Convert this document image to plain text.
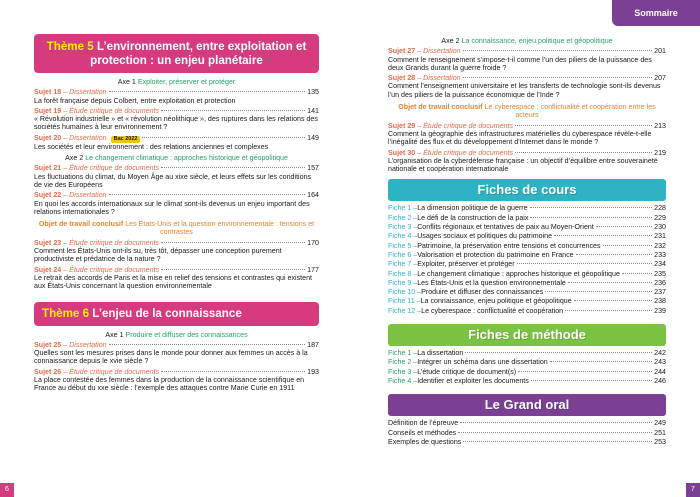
Sommaire
Thème 5 L’environnement, entre exploitation et protection : un enjeu planétaire
Axe 1 Exploiter, préserver et protéger
Sujet 18 – Dissertation	135
La forêt française depuis Colbert, entre exploitation et protection
Sujet 19 – Étude critique de documents	141
« Révolution industrielle » et « révolution néolithique », des ruptures dans les relations des sociétés humaines à leur environnement ?
Sujet 20 – Dissertation	Bac 2022	149
Les sociétés et leur environnement : des relations anciennes et complexes
Axe 2 Le changement climatique : approches historique et géopolitique
Sujet 21 – Étude critique de documents	157
Les fluctuations du climat, du Moyen Âge au xixe siècle, et leurs effets sur les conditions de vie des Européens
Sujet 22 – Dissertation	164
En quoi les accords internationaux sur le climat sont-ils devenus un enjeu important des relations internationales ?
Objet de travail conclusif Les États-Unis et la question environnementale : tensions et contrastes
Sujet 23 – Étude critique de documents	170
Comment les États-Unis ont-ils su, très tôt, dépasser une conception purement productiviste et prédatrice de la nature ?
Sujet 24 – Étude critique de documents	177
Le retrait des accords de Paris et la mise en relief des tensions et contrastes qui existent aux États-Unis concernant la question environnementale
Thème 6 L’enjeu de la connaissance
Axe 1 Produire et diffuser des connaissances
Sujet 25 – Dissertation	187
Quelles sont les mesures prises dans le monde pour donner aux femmes un accès à la connaissance depuis le xvie siècle ?
Sujet 26 – Étude critique de documents	193
La place contestée des femmes dans la production de la connaissance scientifique en France au début du xxe siècle : l’exemple des attaques contre Marie Curie en 1911
Axe 2 La connaissance, enjeu politique et géopolitique
Sujet 27 – Dissertation	201
Comment le renseignement s’impose-t-il comme l’un des piliers de la puissance des deux Grands durant la guerre froide ?
Sujet 28 – Dissertation	207
Comment l’enseignement universitaire et les transferts de technologie sont-ils devenus l’un des piliers de la puissance économique de l’Inde ?
Objet de travail conclusif Le cyberespace : conflictualité et coopération entre les acteurs
Sujet 29 – Étude critique de documents	213
Comment la géographie des infrastructures matérielles du cyberespace révèle-t-elle l’inégalité des flux et du développement d’Internet dans le monde ?
Sujet 30 – Étude critique de documents	219
L’organisation de la cyberdéfense française : un objectif d’équilibre entre souveraineté nationale et coopération internationale
Fiches de cours
Fiche 1 – La dimension politique de la guerre	228
Fiche 2 – Le défi de la construction de la paix	229
Fiche 3 – Conflits régionaux et tentatives de paix au Moyen-Orient	230
Fiche 4 – Usages sociaux et politiques du patrimoine	231
Fiche 5 – Patrimoine, la préservation entre tensions et concurrences	232
Fiche 6 – Valorisation et protection du patrimoine en France	233
Fiche 7 – Exploiter, préserver et protéger	234
Fiche 8 – Le changement climatique : approches historique et géopolitique	235
Fiche 9 – Les États-Unis et la question environnementale	236
Fiche 10 – Produire et diffuser des connaissances	237
Fiche 11 – La connaissance, enjeu politique et géopolitique	238
Fiche 12 – Le cyberespace : conflictualité et coopération	239
Fiches de méthode
Fiche 1 – La dissertation	242
Fiche 2 – Intégrer un schéma dans une dissertation	243
Fiche 3 – L’étude critique de document(s)	244
Fiche 4 – Identifier et exploiter les documents	246
Le Grand oral
Définition de l’épreuve	249
Conseils et méthodes	251
Exemples de questions	253
6	7
